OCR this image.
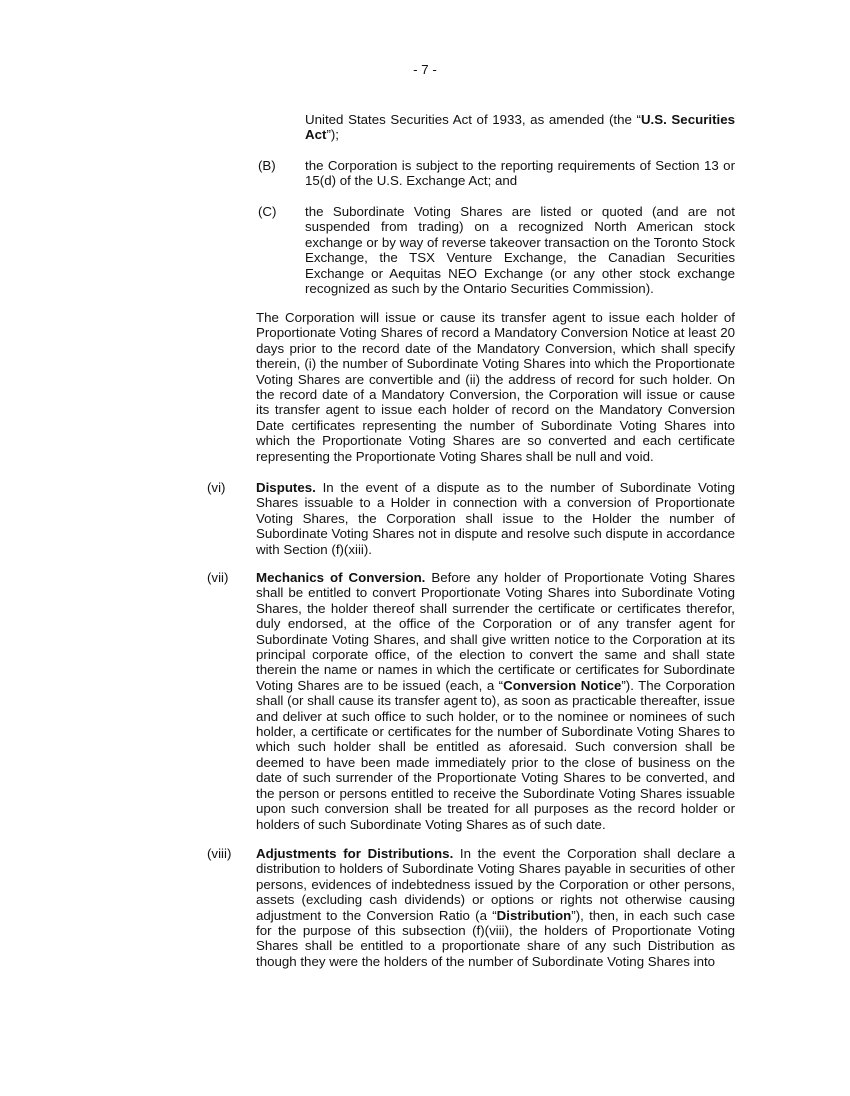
- 7 -
United States Securities Act of 1933, as amended (the “U.S. Securities Act”);
(B) the Corporation is subject to the reporting requirements of Section 13 or 15(d) of the U.S. Exchange Act; and
(C) the Subordinate Voting Shares are listed or quoted (and are not suspended from trading) on a recognized North American stock exchange or by way of reverse takeover transaction on the Toronto Stock Exchange, the TSX Venture Exchange, the Canadian Securities Exchange or Aequitas NEO Exchange (or any other stock exchange recognized as such by the Ontario Securities Commission).
The Corporation will issue or cause its transfer agent to issue each holder of Proportionate Voting Shares of record a Mandatory Conversion Notice at least 20 days prior to the record date of the Mandatory Conversion, which shall specify therein, (i) the number of Subordinate Voting Shares into which the Proportionate Voting Shares are convertible and (ii) the address of record for such holder. On the record date of a Mandatory Conversion, the Corporation will issue or cause its transfer agent to issue each holder of record on the Mandatory Conversion Date certificates representing the number of Subordinate Voting Shares into which the Proportionate Voting Shares are so converted and each certificate representing the Proportionate Voting Shares shall be null and void.
(vi) Disputes. In the event of a dispute as to the number of Subordinate Voting Shares issuable to a Holder in connection with a conversion of Proportionate Voting Shares, the Corporation shall issue to the Holder the number of Subordinate Voting Shares not in dispute and resolve such dispute in accordance with Section (f)(xiii).
(vii) Mechanics of Conversion. Before any holder of Proportionate Voting Shares shall be entitled to convert Proportionate Voting Shares into Subordinate Voting Shares, the holder thereof shall surrender the certificate or certificates therefor, duly endorsed, at the office of the Corporation or of any transfer agent for Subordinate Voting Shares, and shall give written notice to the Corporation at its principal corporate office, of the election to convert the same and shall state therein the name or names in which the certificate or certificates for Subordinate Voting Shares are to be issued (each, a “Conversion Notice”). The Corporation shall (or shall cause its transfer agent to), as soon as practicable thereafter, issue and deliver at such office to such holder, or to the nominee or nominees of such holder, a certificate or certificates for the number of Subordinate Voting Shares to which such holder shall be entitled as aforesaid. Such conversion shall be deemed to have been made immediately prior to the close of business on the date of such surrender of the Proportionate Voting Shares to be converted, and the person or persons entitled to receive the Subordinate Voting Shares issuable upon such conversion shall be treated for all purposes as the record holder or holders of such Subordinate Voting Shares as of such date.
(viii) Adjustments for Distributions. In the event the Corporation shall declare a distribution to holders of Subordinate Voting Shares payable in securities of other persons, evidences of indebtedness issued by the Corporation or other persons, assets (excluding cash dividends) or options or rights not otherwise causing adjustment to the Conversion Ratio (a “Distribution”), then, in each such case for the purpose of this subsection (f)(viii), the holders of Proportionate Voting Shares shall be entitled to a proportionate share of any such Distribution as though they were the holders of the number of Subordinate Voting Shares into
